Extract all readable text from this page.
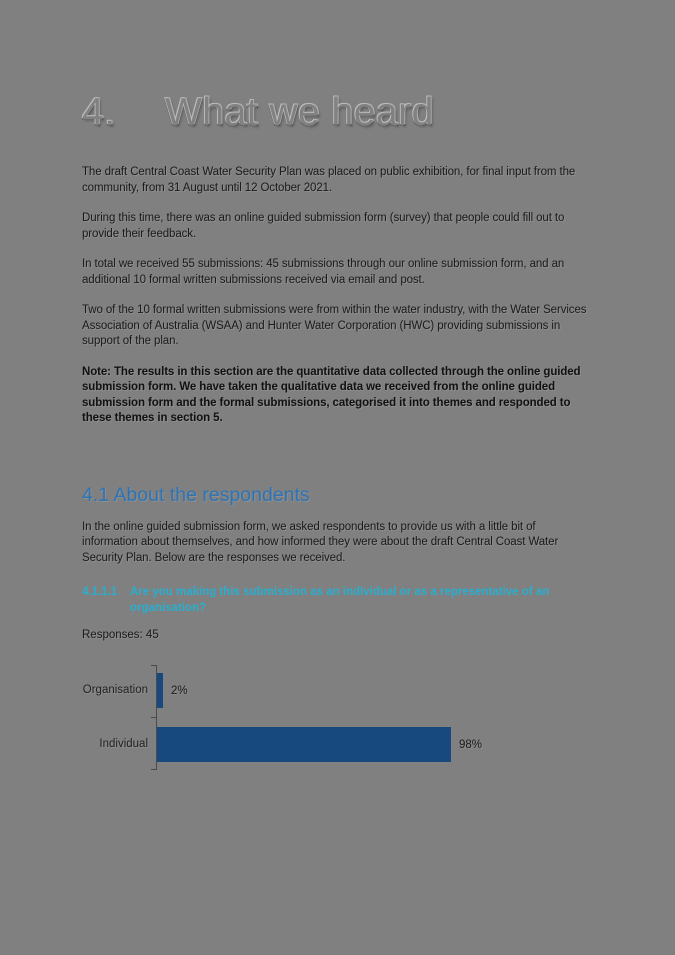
4.	What we heard

The draft Central Coast Water Security Plan was placed on public exhibition, for final input from the community, from 31 August until 12 October 2021.

During this time, there was an online guided submission form (survey) that people could fill out to provide their feedback.

In total we received 55 submissions: 45 submissions through our online submission form, and an additional 10 formal written submissions received via email and post.

Two of the 10 formal written submissions were from within the water industry, with the Water Services Association of Australia (WSAA) and Hunter Water Corporation (HWC) providing submissions in support of the plan.

Note: The results in this section are the quantitative data collected through the online guided submission form. We have taken the qualitative data we received from the online guided submission form and the formal submissions, categorised it into themes and responded to these themes in section 5.

4.1 About the respondents

In the online guided submission form, we asked respondents to provide us with a little bit of information about themselves, and how informed they were about the draft Central Coast Water Security Plan. Below are the responses we received.

4.1.1.1	Are you making this submission as an individual or as a representative of an organisation?
Responses: 45
Organisation
Individual
2%
98%
